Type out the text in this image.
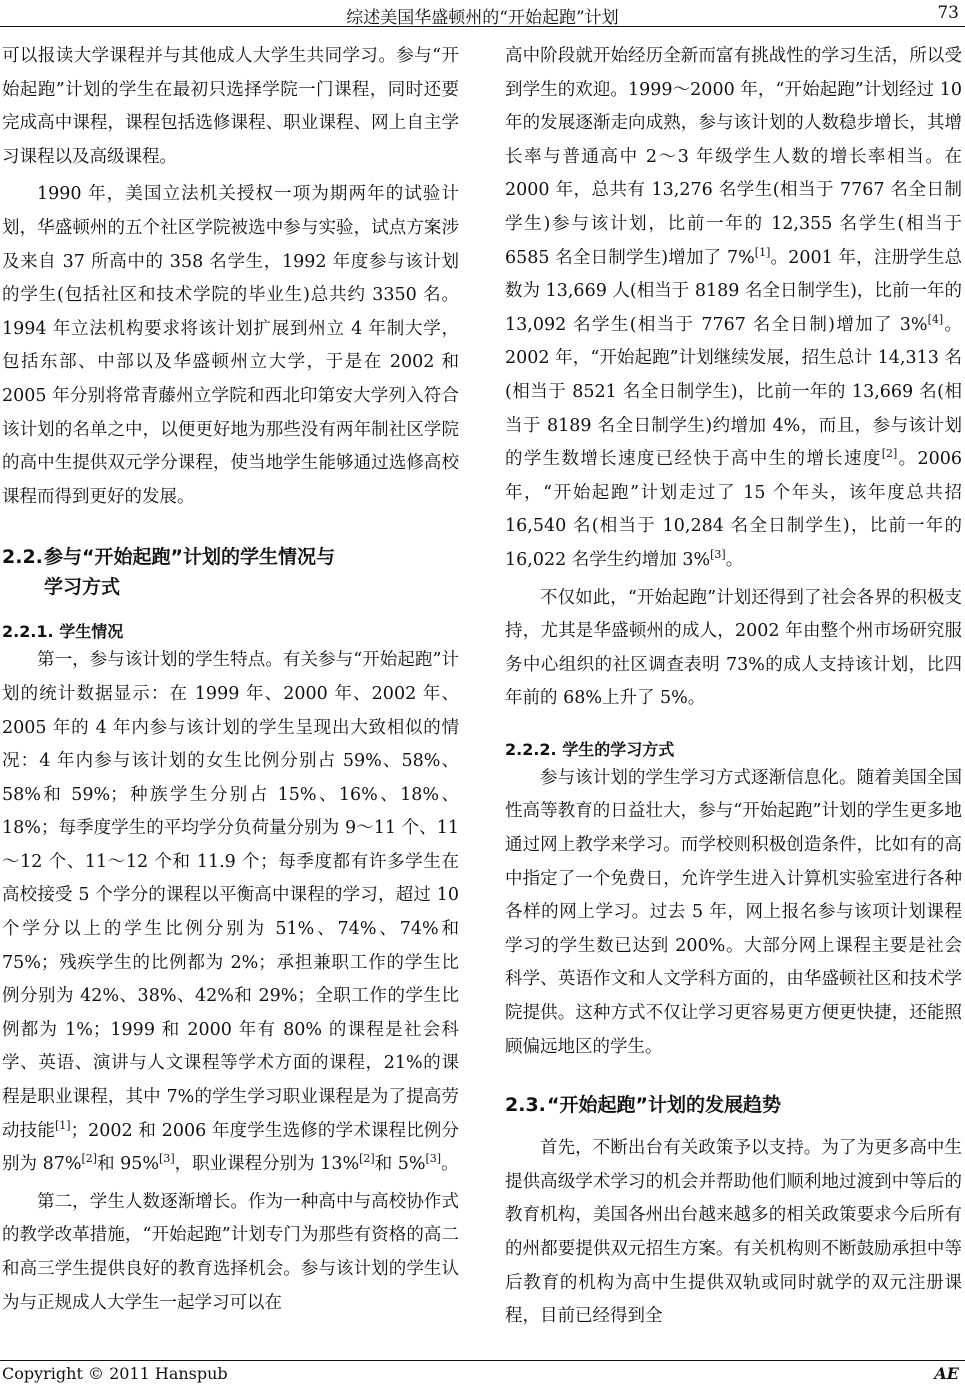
综述美国华盛顿州的“开始起跑”计划	73

可以报读大学课程并与其他成人大学生共同学习。参与“开始起跑”计划的学生在最初只选择学院一门课程，同时还要完成高中课程，课程包括选修课程、职业课程、网上自主学习课程以及高级课程。

1990 年，美国立法机关授权一项为期两年的试验计划，华盛顿州的五个社区学院被选中参与实验，试点方案涉及来自 37 所高中的 358 名学生，1992 年度参与该计划的学生(包括社区和技术学院的毕业生)总共约 3350 名。1994 年立法机构要求将该计划扩展到州立 4 年制大学，包括东部、中部以及华盛顿州立大学，于是在 2002 和 2005 年分别将常青藤州立学院和西北印第安大学列入符合该计划的名单之中，以便更好地为那些没有两年制社区学院的高中生提供双元学分课程，使当地学生能够通过选修高校课程而得到更好的发展。

2.2.参与“开始起跑”计划的学生情况与
学习方式
2.2.1. 学生情况

第一，参与该计划的学生特点。有关参与“开始起跑”计划的统计数据显示：在 1999 年、2000 年、2002 年、2005 年的 4 年内参与该计划的学生呈现出大致相似的情况：4 年内参与该计划的女生比例分别占 59%、58%、58%和 59%；种族学生分别占 15%、16%、18%、18%；每季度学生的平均学分负荷量分别为 9～11 个、11～12 个、11～12 个和 11.9 个；每季度都有许多学生在高校接受 5 个学分的课程以平衡高中课程的学习，超过 10 个学分以上的学生比例分别为 51%、74%、74%和 75%；残疾学生的比例都为 2%；承担兼职工作的学生比例分别为 42%、38%、42%和 29%；全职工作的学生比例都为 1%；1999 和 2000 年有 80% 的课程是社会科学、英语、演讲与人文课程等学术方面的课程，21%的课程是职业课程，其中 7%的学生学习职业课程是为了提高劳动技能[1]；2002 和 2006 年度学生选修的学术课程比例分别为 87%[2]和 95%[3]，职业课程分别为 13%[2]和 5%[3]。

第二，学生人数逐渐增长。作为一种高中与高校协作式的教学改革措施，“开始起跑”计划专门为那些有资格的高二和高三学生提供良好的教育选择机会。参与该计划的学生认为与正规成人大学生一起学习可以在

高中阶段就开始经历全新而富有挑战性的学习生活，所以受到学生的欢迎。1999～2000 年，“开始起跑”计划经过 10 年的发展逐渐走向成熟，参与该计划的人数稳步增长，其增长率与普通高中 2～3 年级学生人数的增长率相当。在 2000 年，总共有 13,276 名学生(相当于 7767 名全日制学生)参与该计划，比前一年的 12,355 名学生(相当于 6585 名全日制学生)增加了 7%[1]。2001 年，注册学生总数为 13,669 人(相当于 8189 名全日制学生)，比前一年的 13,092 名学生(相当于 7767 名全日制)增加了 3%[4]。2002 年，“开始起跑”计划继续发展，招生总计 14,313 名(相当于 8521 名全日制学生)，比前一年的 13,669 名(相当于 8189 名全日制学生)约增加 4%，而且，参与该计划的学生数增长速度已经快于高中生的增长速度[2]。2006 年，“开始起跑”计划走过了 15 个年头，该年度总共招 16,540 名(相当于 10,284 名全日制学生)，比前一年的 16,022 名学生约增加 3%[3]。

不仅如此，“开始起跑”计划还得到了社会各界的积极支持，尤其是华盛顿州的成人，2002 年由整个州市场研究服务中心组织的社区调查表明 73%的成人支持该计划，比四年前的 68%上升了 5%。

2.2.2. 学生的学习方式

参与该计划的学生学习方式逐渐信息化。随着美国全国性高等教育的日益壮大，参与“开始起跑”计划的学生更多地通过网上教学来学习。而学校则积极创造条件，比如有的高中指定了一个免费日，允许学生进入计算机实验室进行各种各样的网上学习。过去 5 年，网上报名参与该项计划课程学习的学生数已达到 200%。大部分网上课程主要是社会科学、英语作文和人文学科方面的，由华盛顿社区和技术学院提供。这种方式不仅让学习更容易更方便更快捷，还能照顾偏远地区的学生。

2.3.“开始起跑”计划的发展趋势

首先，不断出台有关政策予以支持。为了为更多高中生提供高级学术学习的机会并帮助他们顺利地过渡到中等后的教育机构，美国各州出台越来越多的相关政策要求今后所有的州都要提供双元招生方案。有关机构则不断鼓励承担中等后教育的机构为高中生提供双轨或同时就学的双元注册课程，目前已经得到全

Copyright © 2011 Hanspub	AE
